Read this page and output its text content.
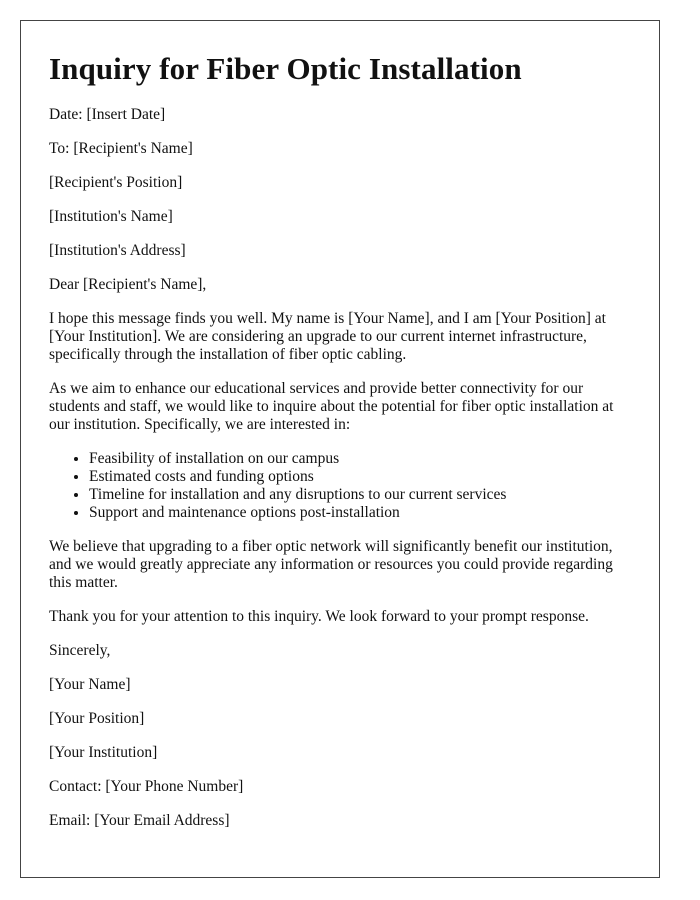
Inquiry for Fiber Optic Installation

Date: [Insert Date]

To: [Recipient's Name]

[Recipient's Position]

[Institution's Name]

[Institution's Address]

Dear [Recipient's Name],

I hope this message finds you well. My name is [Your Name], and I am [Your Position] at [Your Institution]. We are considering an upgrade to our current internet infrastructure, specifically through the installation of fiber optic cabling.

As we aim to enhance our educational services and provide better connectivity for our students and staff, we would like to inquire about the potential for fiber optic installation at our institution. Specifically, we are interested in:

• Feasibility of installation on our campus
• Estimated costs and funding options
• Timeline for installation and any disruptions to our current services
• Support and maintenance options post-installation

We believe that upgrading to a fiber optic network will significantly benefit our institution, and we would greatly appreciate any information or resources you could provide regarding this matter.

Thank you for your attention to this inquiry. We look forward to your prompt response.

Sincerely,

[Your Name]

[Your Position]

[Your Institution]

Contact: [Your Phone Number]

Email: [Your Email Address]
